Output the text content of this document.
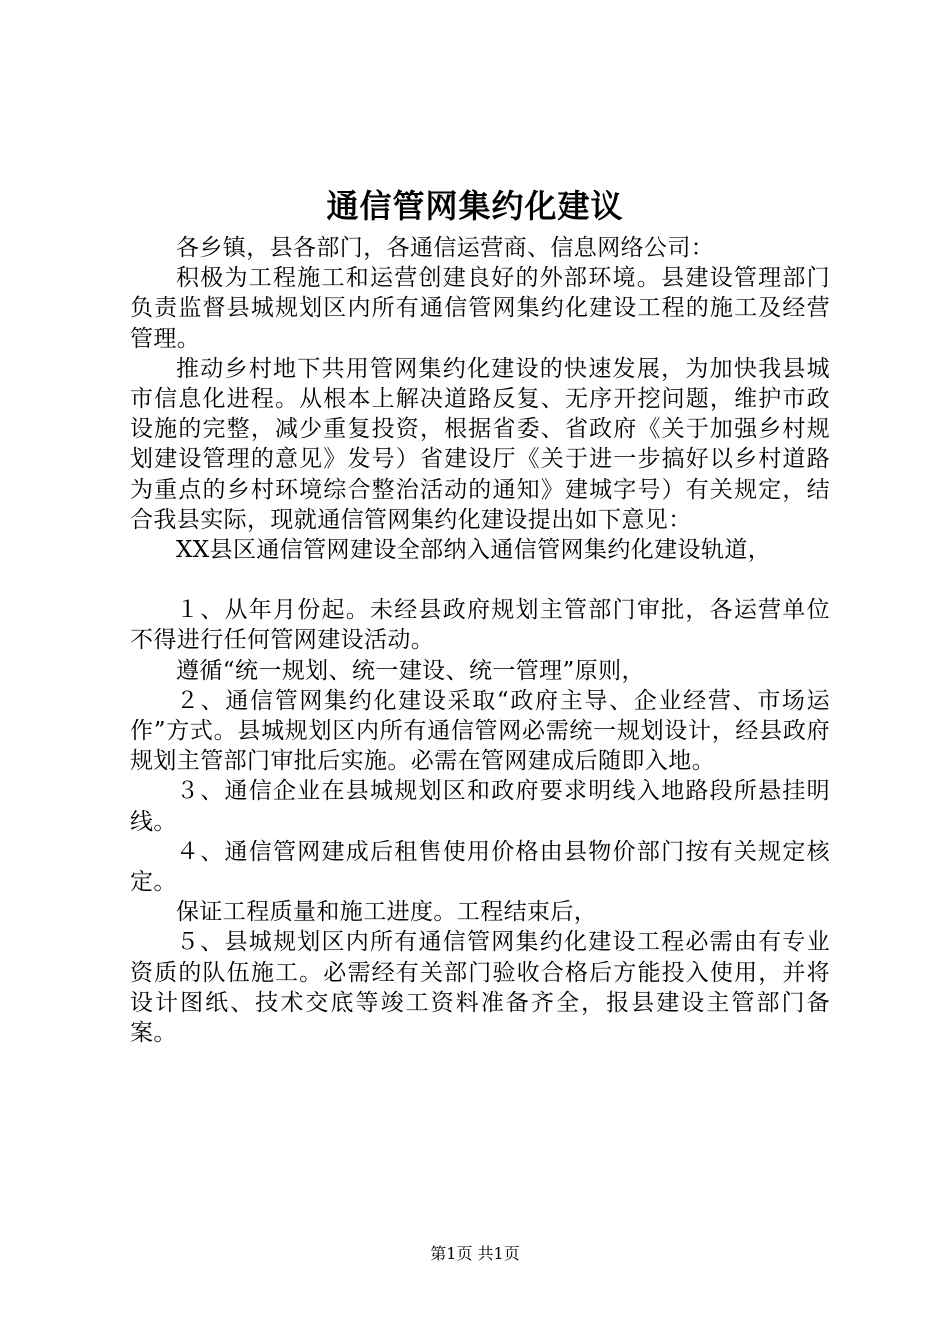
通信管网集约化建议

各乡镇，县各部门，各通信运营商、信息网络公司：

积极为工程施工和运营创建良好的外部环境。县建设管理部门负责监督县城规划区内所有通信管网集约化建设工程的施工及经营管理。

推动乡村地下共用管网集约化建设的快速发展，为加快我县城市信息化进程。从根本上解决道路反复、无序开挖问题，维护市政设施的完整，减少重复投资，根据省委、省政府《关于加强乡村规划建设管理的意见》发号）省建设厅《关于进一步搞好以乡村道路为重点的乡村环境综合整治活动的通知》建城字号）有关规定，结合我县实际，现就通信管网集约化建设提出如下意见：

XX县区通信管网建设全部纳入通信管网集约化建设轨道，

１、从年月份起。未经县政府规划主管部门审批，各运营单位不得进行任何管网建设活动。

遵循“统一规划、统一建设、统一管理”原则，

２、通信管网集约化建设采取“政府主导、企业经营、市场运作”方式。县城规划区内所有通信管网必需统一规划设计，经县政府规划主管部门审批后实施。必需在管网建成后随即入地。

３、通信企业在县城规划区和政府要求明线入地路段所悬挂明线。

４、通信管网建成后租售使用价格由县物价部门按有关规定核定。

保证工程质量和施工进度。工程结束后，

５、县城规划区内所有通信管网集约化建设工程必需由有专业资质的队伍施工。必需经有关部门验收合格后方能投入使用，并将设计图纸、技术交底等竣工资料准备齐全，报县建设主管部门备案。

第1页 共1页
